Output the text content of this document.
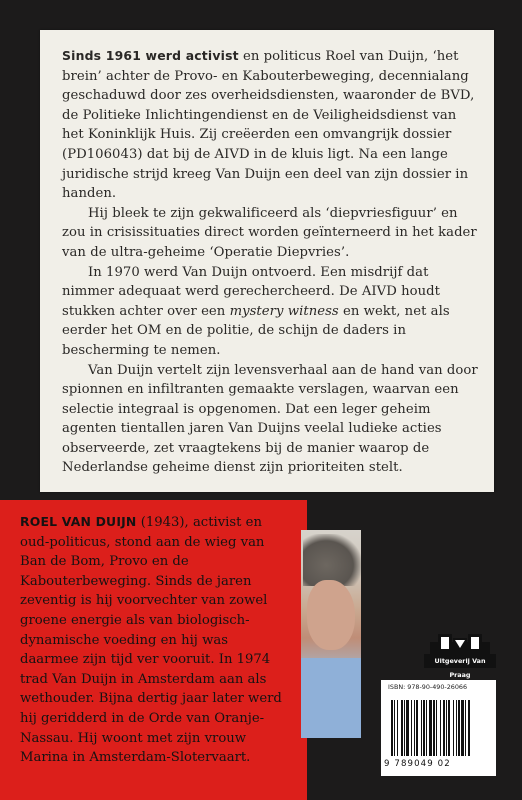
Sinds 1961 werd activist en politicus Roel van Duijn, ‘het brein’ achter de Provo- en Kabouterbeweging, decennialang geschaduwd door zes overheidsdiensten, waaronder de BVD, de Politieke Inlichtingendienst en de Veiligheidsdienst van het Koninklijk Huis. Zij creëerden een omvangrijk dossier (PD106043) dat bij de AIVD in de kluis ligt. Na een lange juridische strijd kreeg Van Duijn een deel van zijn dossier in handen.

Hij bleek te zijn gekwalificeerd als ‘diepvriesfiguur’ en zou in crisissituaties direct worden geïnterneerd in het kader van de ultra-geheime ‘Operatie Diepvries’.

In 1970 werd Van Duijn ontvoerd. Een misdrijf dat nimmer adequaat werd gerechercheerd. De AIVD houdt stukken achter over een mystery witness en wekt, net als eerder het OM en de politie, de schijn de daders in bescherming te nemen.

Van Duijn vertelt zijn levensverhaal aan de hand van door spionnen en infiltranten gemaakte verslagen, waarvan een selectie integraal is opgenomen. Dat een leger geheim agenten tientallen jaren Van Duijns veelal ludieke acties observeerde, zet vraagtekens bij de manier waarop de Nederlandse geheime dienst zijn prioriteiten stelt.

ROEL VAN DUIJN (1943), activist en oud-politicus, stond aan de wieg van Ban de Bom, Provo en de Kabouterbeweging. Sinds de jaren zeventig is hij voorvechter van zowel groene energie als van biologisch-dynamische voeding en hij was daarmee zijn tijd ver vooruit. In 1974 trad Van Duijn in Amsterdam aan als wethouder. Bijna dertig jaar later werd hij geridderd in de Orde van Oranje-Nassau. Hij woont met zijn vrouw Marina in Amsterdam-Slotervaart.

Uitgeverij Van Praag
ISBN: 978-90-490-26066
9 789049 02
